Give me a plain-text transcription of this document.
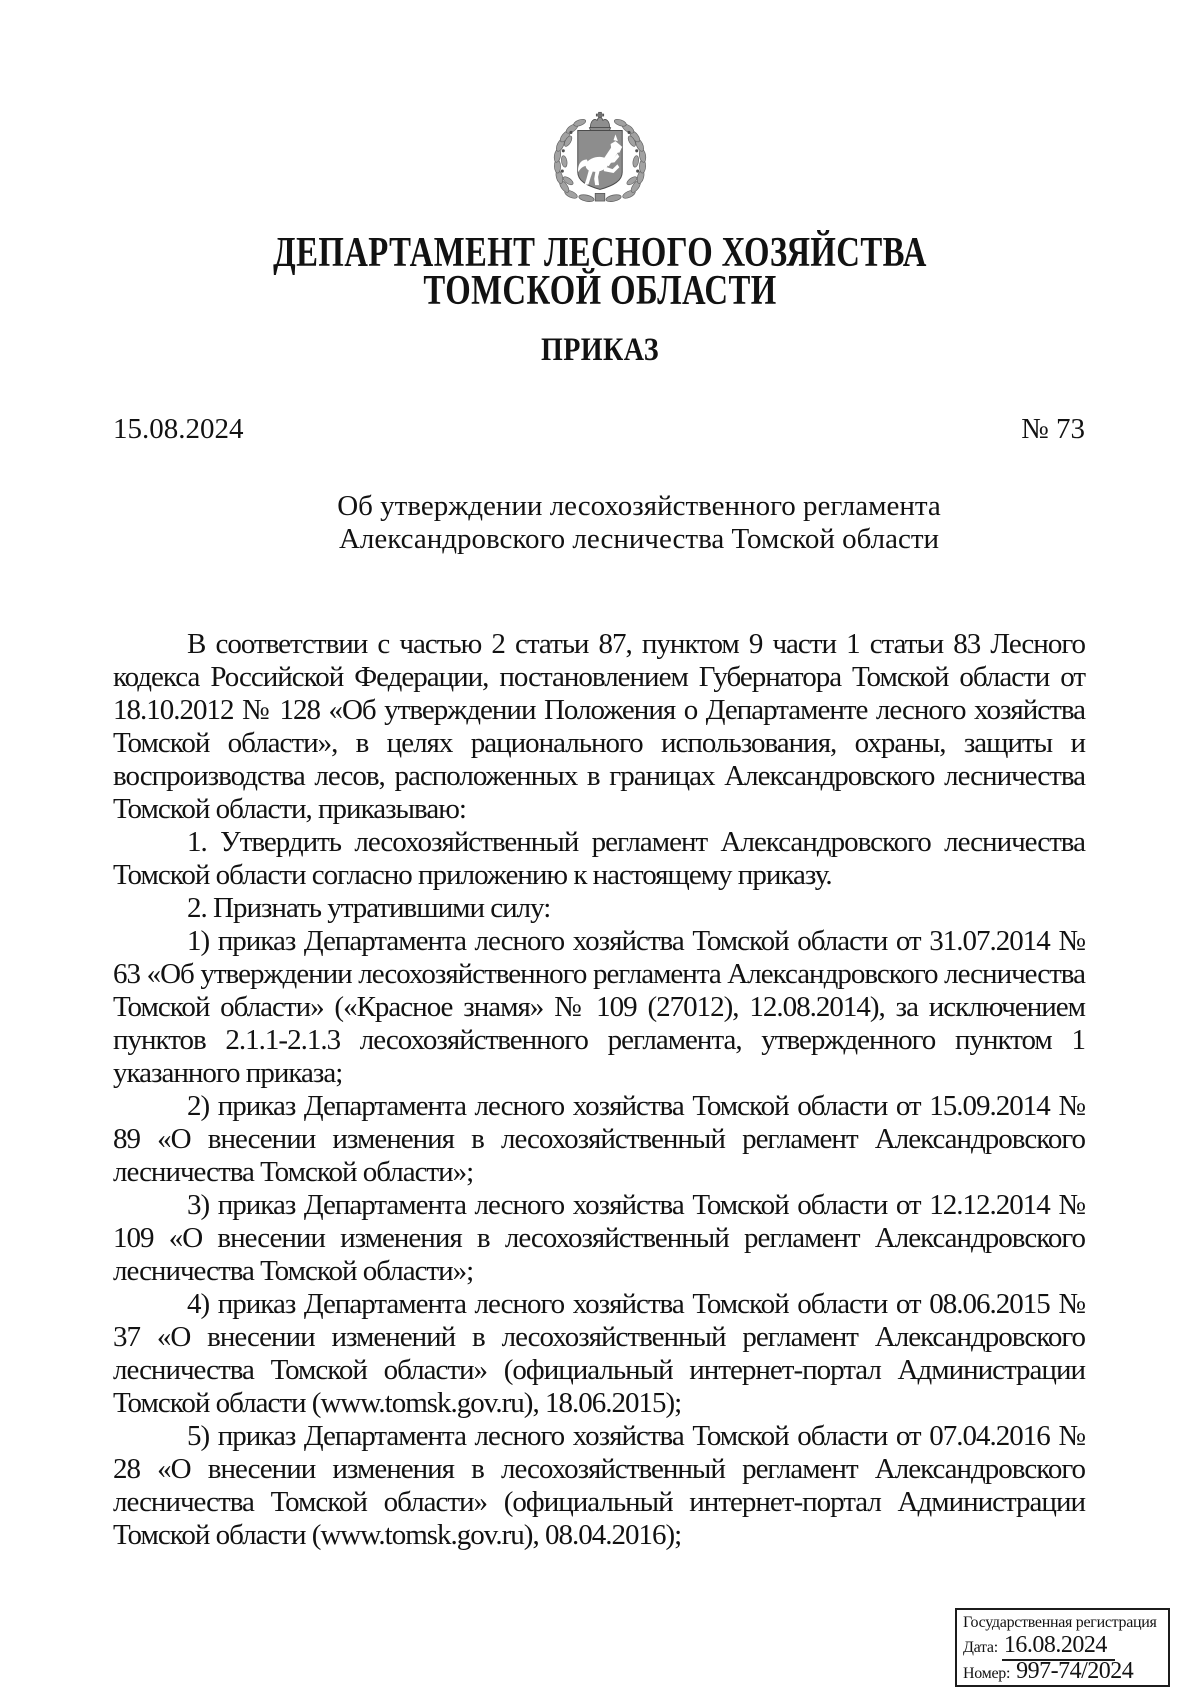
ДЕПАРТАМЕНТ ЛЕСНОГО ХОЗЯЙСТВА
ТОМСКОЙ ОБЛАСТИ
ПРИКАЗ
15.08.2024	№ 73
Об утверждении лесохозяйственного регламента
Александровского лесничества Томской области

В соответствии с частью 2 статьи 87, пунктом 9 части 1 статьи 83 Лесного кодекса Российской Федерации, постановлением Губернатора Томской области от 18.10.2012 № 128 «Об утверждении Положения о Департаменте лесного хозяйства Томской области», в целях рационального использования, охраны, защиты и воспроизводства лесов, расположенных в границах Александровского лесничества Томской области, приказываю:

1. Утвердить лесохозяйственный регламент Александровского лесничества Томской области согласно приложению к настоящему приказу.

2. Признать утратившими силу:

1) приказ Департамента лесного хозяйства Томской области от 31.07.2014 № 63 «Об утверждении лесохозяйственного регламента Александровского лесничества Томской области» («Красное знамя» № 109 (27012), 12.08.2014), за исключением пунктов 2.1.1-2.1.3 лесохозяйственного регламента, утвержденного пунктом 1 указанного приказа;

2) приказ Департамента лесного хозяйства Томской области от 15.09.2014 № 89 «О внесении изменения в лесохозяйственный регламент Александровского лесничества Томской области»;

3) приказ Департамента лесного хозяйства Томской области от 12.12.2014 № 109 «О внесении изменения в лесохозяйственный регламент Александровского лесничества Томской области»;

4) приказ Департамента лесного хозяйства Томской области от 08.06.2015 № 37 «О внесении изменений в лесохозяйственный регламент Александровского лесничества Томской области» (официальный интернет-портал Администрации Томской области (www.tomsk.gov.ru), 18.06.2015);

5) приказ Департамента лесного хозяйства Томской области от 07.04.2016 № 28 «О внесении изменения в лесохозяйственный регламент Александровского лесничества Томской области» (официальный интернет-портал Администрации Томской области (www.tomsk.gov.ru), 08.04.2016);

Государственная регистрация
Дата: 16.08.2024
Номер: 997-74/2024
